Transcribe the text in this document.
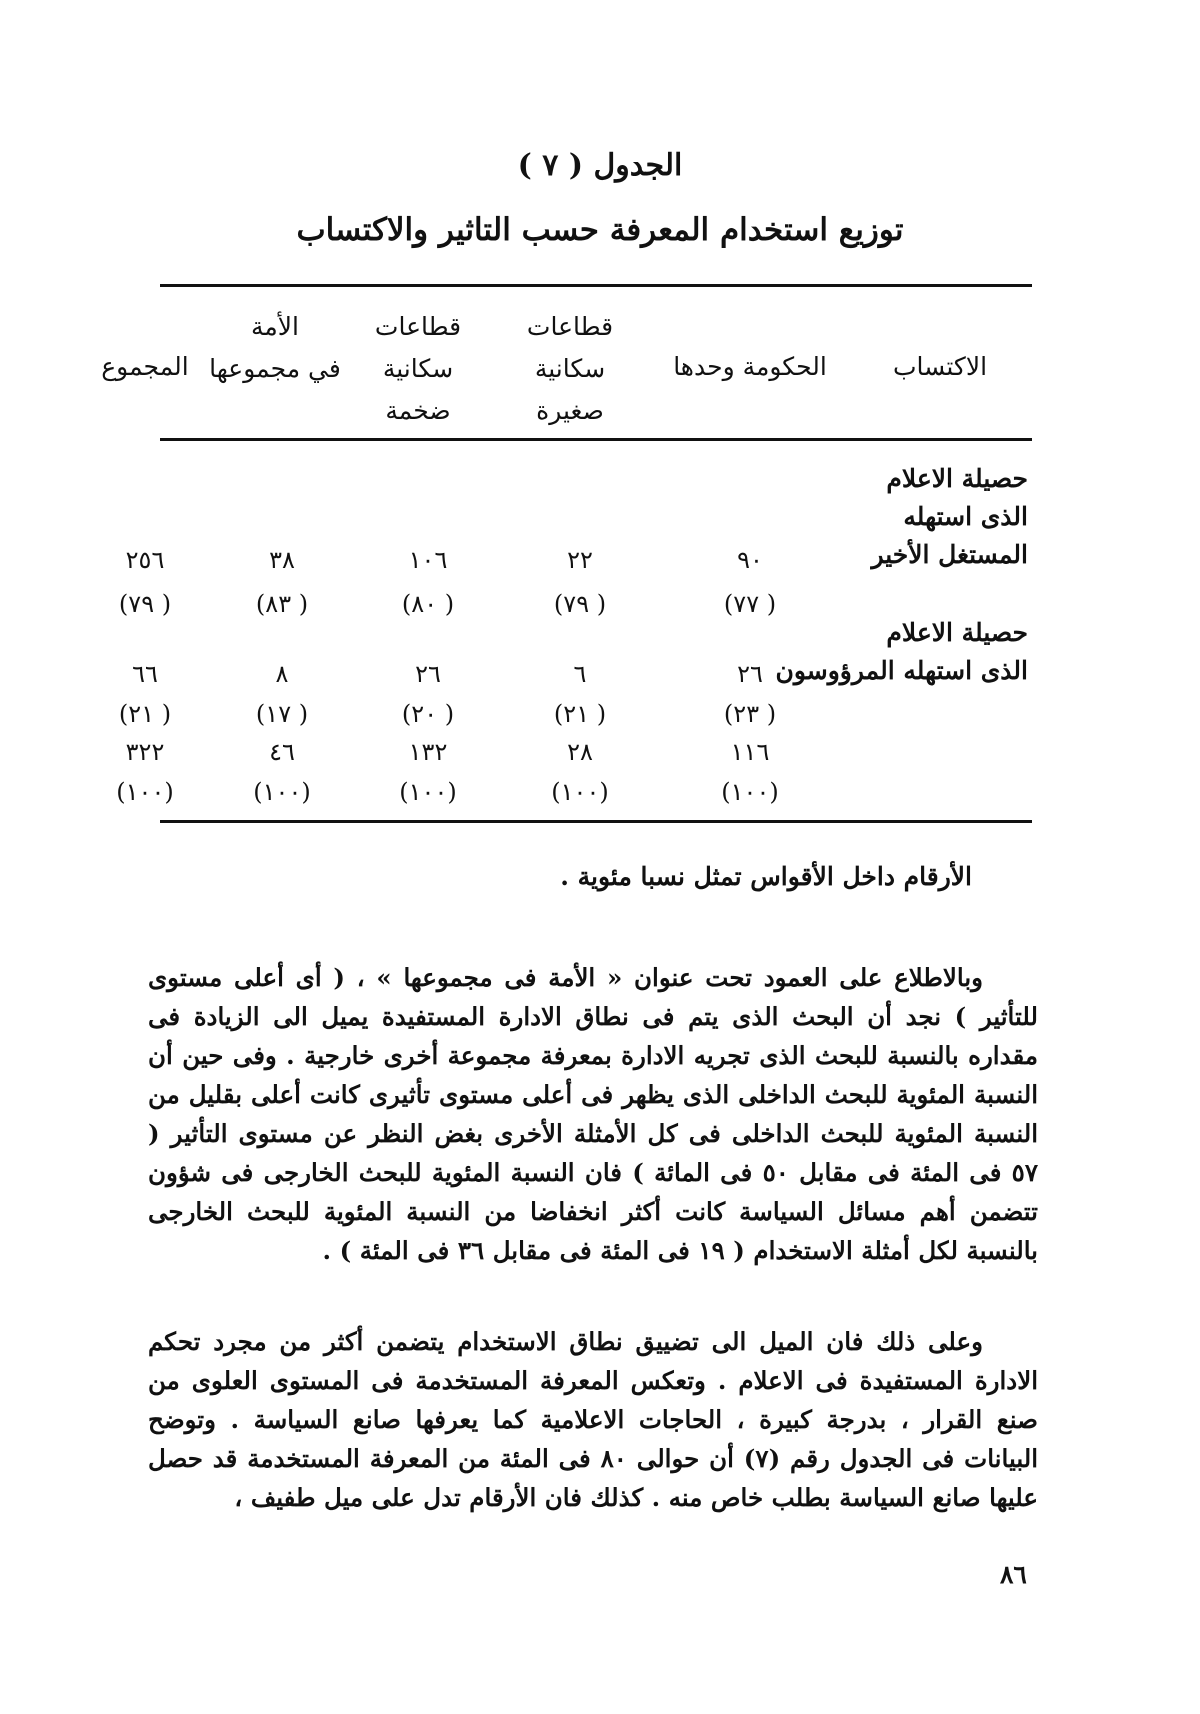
الجدول ( ٧ )
توزيع استخدام المعرفة حسب التاثير والاكتساب
الاكتساب
الحكومة وحدها
قطاعات
سكانية
صغيرة
قطاعات
سكانية
ضخمة
الأمة
في مجموعها
المجموع
حصيلة الاعلام
الذى استهله
المستغل الأخير
٩٠
٢٢
١٠٦
٣٨
٢٥٦
( ٧٧)
( ٧٩)
( ٨٠)
( ٨٣)
( ٧٩)
حصيلة الاعلام
الذى استهله المرؤوسون
٢٦
٦
٢٦
٨
٦٦
( ٢٣)
( ٢١)
( ٢٠)
( ١٧)
( ٢١)
١١٦
٢٨
١٣٢
٤٦
٣٢٢
(١٠٠)
(١٠٠)
(١٠٠)
(١٠٠)
(١٠٠)
الأرقام داخل الأقواس تمثل نسبا مئوية .
وبالاطلاع على العمود تحت عنوان « الأمة فى مجموعها » ، ( أى أعلى مستوى للتأثير ) نجد أن البحث الذى يتم فى نطاق الادارة المستفيدة يميل الى الزيادة فى مقداره بالنسبة للبحث الذى تجريه الادارة بمعرفة مجموعة أخرى خارجية . وفى حين أن النسبة المئوية للبحث الداخلى الذى يظهر فى أعلى مستوى تأثيرى كانت أعلى بقليل من النسبة المئوية للبحث الداخلى فى كل الأمثلة الأخرى بغض النظر عن مستوى التأثير ( ٥٧ فى المئة فى مقابل ٥٠ فى المائة ) فان النسبة المئوية للبحث الخارجى فى شؤون تتضمن أهم مسائل السياسة كانت أكثر انخفاضا من النسبة المئوية للبحث الخارجى بالنسبة لكل أمثلة الاستخدام ( ١٩ فى المئة فى مقابل ٣٦ فى المئة ) .
وعلى ذلك فان الميل الى تضييق نطاق الاستخدام يتضمن أكثر من مجرد تحكم الادارة المستفيدة فى الاعلام . وتعكس المعرفة المستخدمة فى المستوى العلوى من صنع القرار ، بدرجة كبيرة ، الحاجات الاعلامية كما يعرفها صانع السياسة . وتوضح البيانات فى الجدول رقم (٧) أن حوالى ٨٠ فى المئة من المعرفة المستخدمة قد حصل عليها صانع السياسة بطلب خاص منه . كذلك فان الأرقام تدل على ميل طفيف ،
٨٦
